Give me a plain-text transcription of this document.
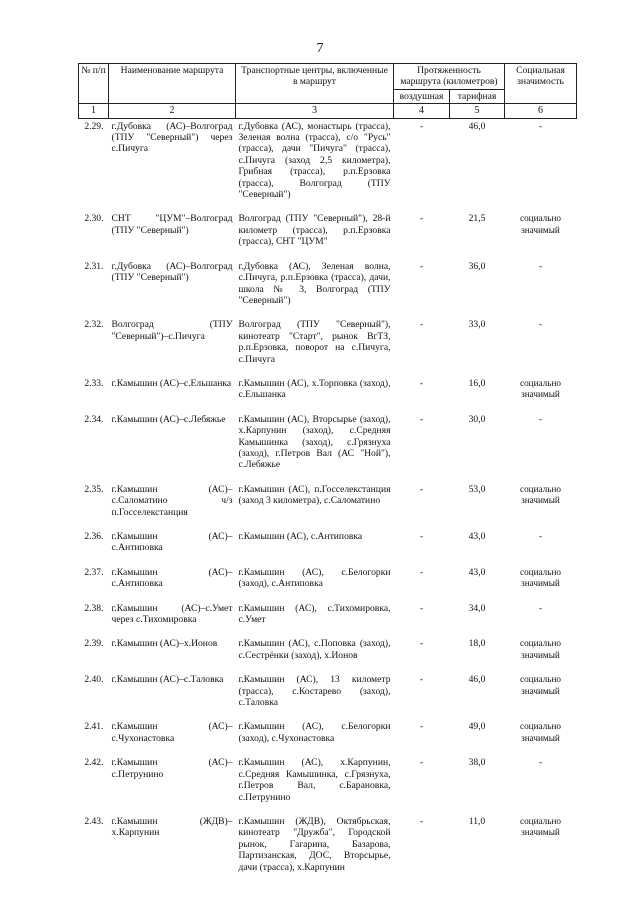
7
№ п/п	Наименование маршрута	Транспортные центры, включенные в маршрут	Протяженность маршрута (километров)		Социальная значимость
			воздушная	тарифная	
1	2	3	4	5	6
2.29.	г.Дубовка (АС)–Волгоград (ТПУ "Северный") через с.Пичуга	г.Дубовка (АС), монастырь (трасса), Зеленая волна (трасса), с/о "Русь" (трасса), дачи "Пичуга" (трасса), с.Пичуга (заход 2,5 километра), Грибная (трасса), р.п.Ерзовка (трасса), Волгоград (ТПУ "Северный")	-	46,0	-
2.30.	СНТ "ЦУМ"–Волгоград (ТПУ "Северный")	Волгоград (ТПУ "Северный"), 28-й километр (трасса), р.п.Ерзовка (трасса), СНТ "ЦУМ"	-	21,5	социально значимый
2.31.	г.Дубовка (АС)–Волгоград (ТПУ "Северный")	г.Дубовка (АС), Зеленая волна, с.Пичуга, р.п.Ерзовка (трасса), дачи, школа № 3, Волгоград (ТПУ "Северный")	-	36,0	-
2.32.	Волгоград (ТПУ "Северный")–с.Пичуга	Волгоград (ТПУ "Северный"), кинотеатр "Старт", рынок ВгТЗ, р.п.Ерзовка, поворот на с.Пичуга, с.Пичуга	-	33,0	-
2.33.	г.Камышин (АС)–с.Ельшанка	г.Камышин (АС), х.Торповка (заход), с.Ельшанка	-	16,0	социально значимый
2.34.	г.Камышин (АС)–с.Лебяжье	г.Камышин (АС), Вторсырье (заход), х.Карпунин (заход), с.Средняя Камышинка (заход), с.Грязнуха (заход), г.Петров Вал (АС "Ной"), с.Лебяжье	-	30,0	-
2.35.	г.Камышин (АС)–с.Саломатино ч/з п.Госселекстанция	г.Камышин (АС), п.Госселекстанция (заход 3 километра), с.Саломатино	-	53,0	социально значимый
2.36.	г.Камышин (АС)–с.Антиповка	г.Камышин (АС), с.Антиповка	-	43,0	-
2.37.	г.Камышин (АС)–с.Антиповка	г.Камышин (АС), с.Белогорки (заход), с.Антиповка	-	43,0	социально значимый
2.38.	г.Камышин (АС)–с.Умет через с.Тихомировка	г.Камышин (АС), с.Тихомировка, с.Умет	-	34,0	-
2.39.	г.Камышин (АС)–х.Ионов	г.Камышин (АС), с.Поповка (заход), с.Сестрёнки (заход), х.Ионов	-	18,0	социально значимый
2.40.	г.Камышин (АС)–с.Таловка	г.Камышин (АС), 13 километр (трасса), с.Костарево (заход), с.Таловка	-	46,0	социально значимый
2.41.	г.Камышин (АС)–с.Чухонастовка	г.Камышин (АС), с.Белогорки (заход), с.Чухонастовка	-	49,0	социально значимый
2.42.	г.Камышин (АС)–с.Петрунино	г.Камышин (АС), х.Карпунин, с.Средняя Камышинка, с.Грязнуха, г.Петров Вал, с.Барановка, с.Петрунино	-	38,0	-
2.43.	г.Камышин (ЖДВ)–х.Карпунин	г.Камышин (ЖДВ), Октябрьская, кинотеатр "Дружба", Городской рынок, Гагарина, Базарова, Партизанская, ДОС, Вторсырье, дачи (трасса), х.Карпунин	-	11,0	социально значимый
